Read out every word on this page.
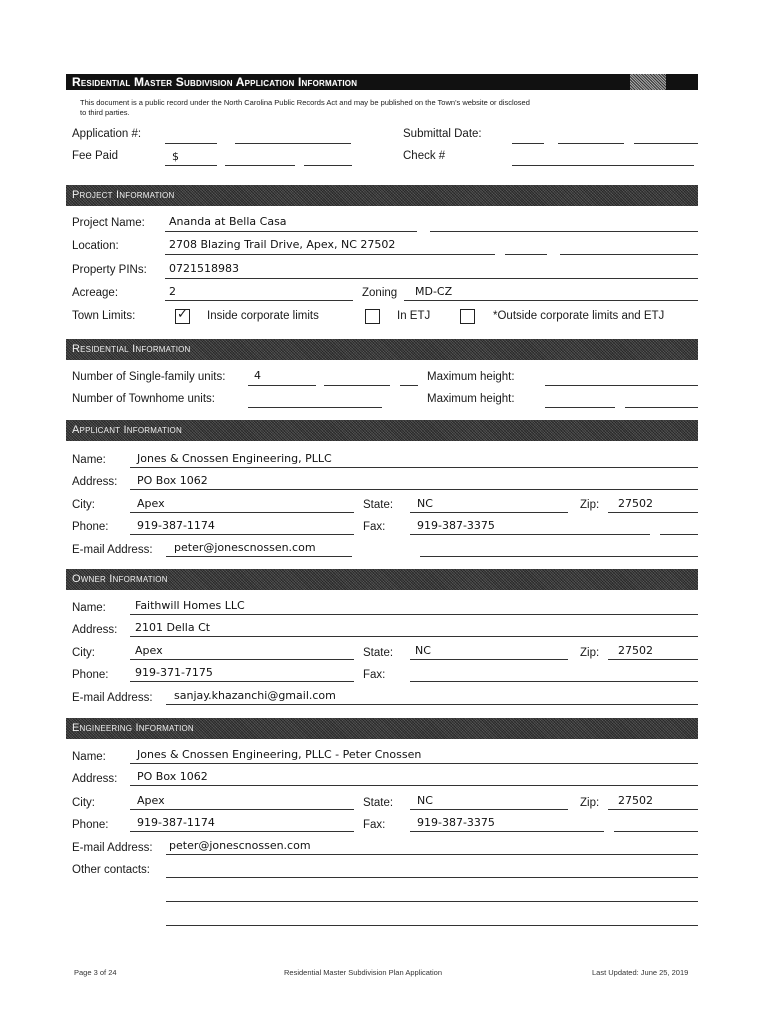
Residential Master Subdivision Application Information
This document is a public record under the North Carolina Public Records Act and may be published on the Town's website or disclosed
to third parties.
Application #:	Submittal Date:
Fee Paid	$	Check #
Project Information
Project Name: Ananda at Bella Casa
Location:	2708 Blazing Trail Drive, Apex, NC 27502
Property PINs: 0721518983
Acreage:	2	Zoning MD-CZ
Town Limits:	✓ Inside corporate limits	In ETJ	*Outside corporate limits and ETJ
Residential Information
Number of Single-family units:	4	Maximum height:
Number of Townhome units:	Maximum height:
Applicant Information
Name:	Jones & Cnossen Engineering, PLLC
Address: PO Box 1062
City:	Apex	State: NC	Zip: 27502
Phone:	919-387-1174	Fax:	919-387-3375
E-mail Address: peter@jonescnossen.com
Owner Information
Name:	Faithwill Homes LLC
Address: 2101 Della Ct
City:	Apex	State: NC	Zip: 27502
Phone: 919-371-7175	Fax:
E-mail Address: sanjay.khazanchi@gmail.com
Engineering Information
Name:	Jones & Cnossen Engineering, PLLC - Peter Cnossen
Address: PO Box 1062
City:	Apex	State: NC	Zip: 27502
Phone:	919-387-1174	Fax:	919-387-3375
E-mail Address: peter@jonescnossen.com
Other contacts:
Page 3 of 24	Residential Master Subdivision Plan Application	Last Updated: June 25, 2019
